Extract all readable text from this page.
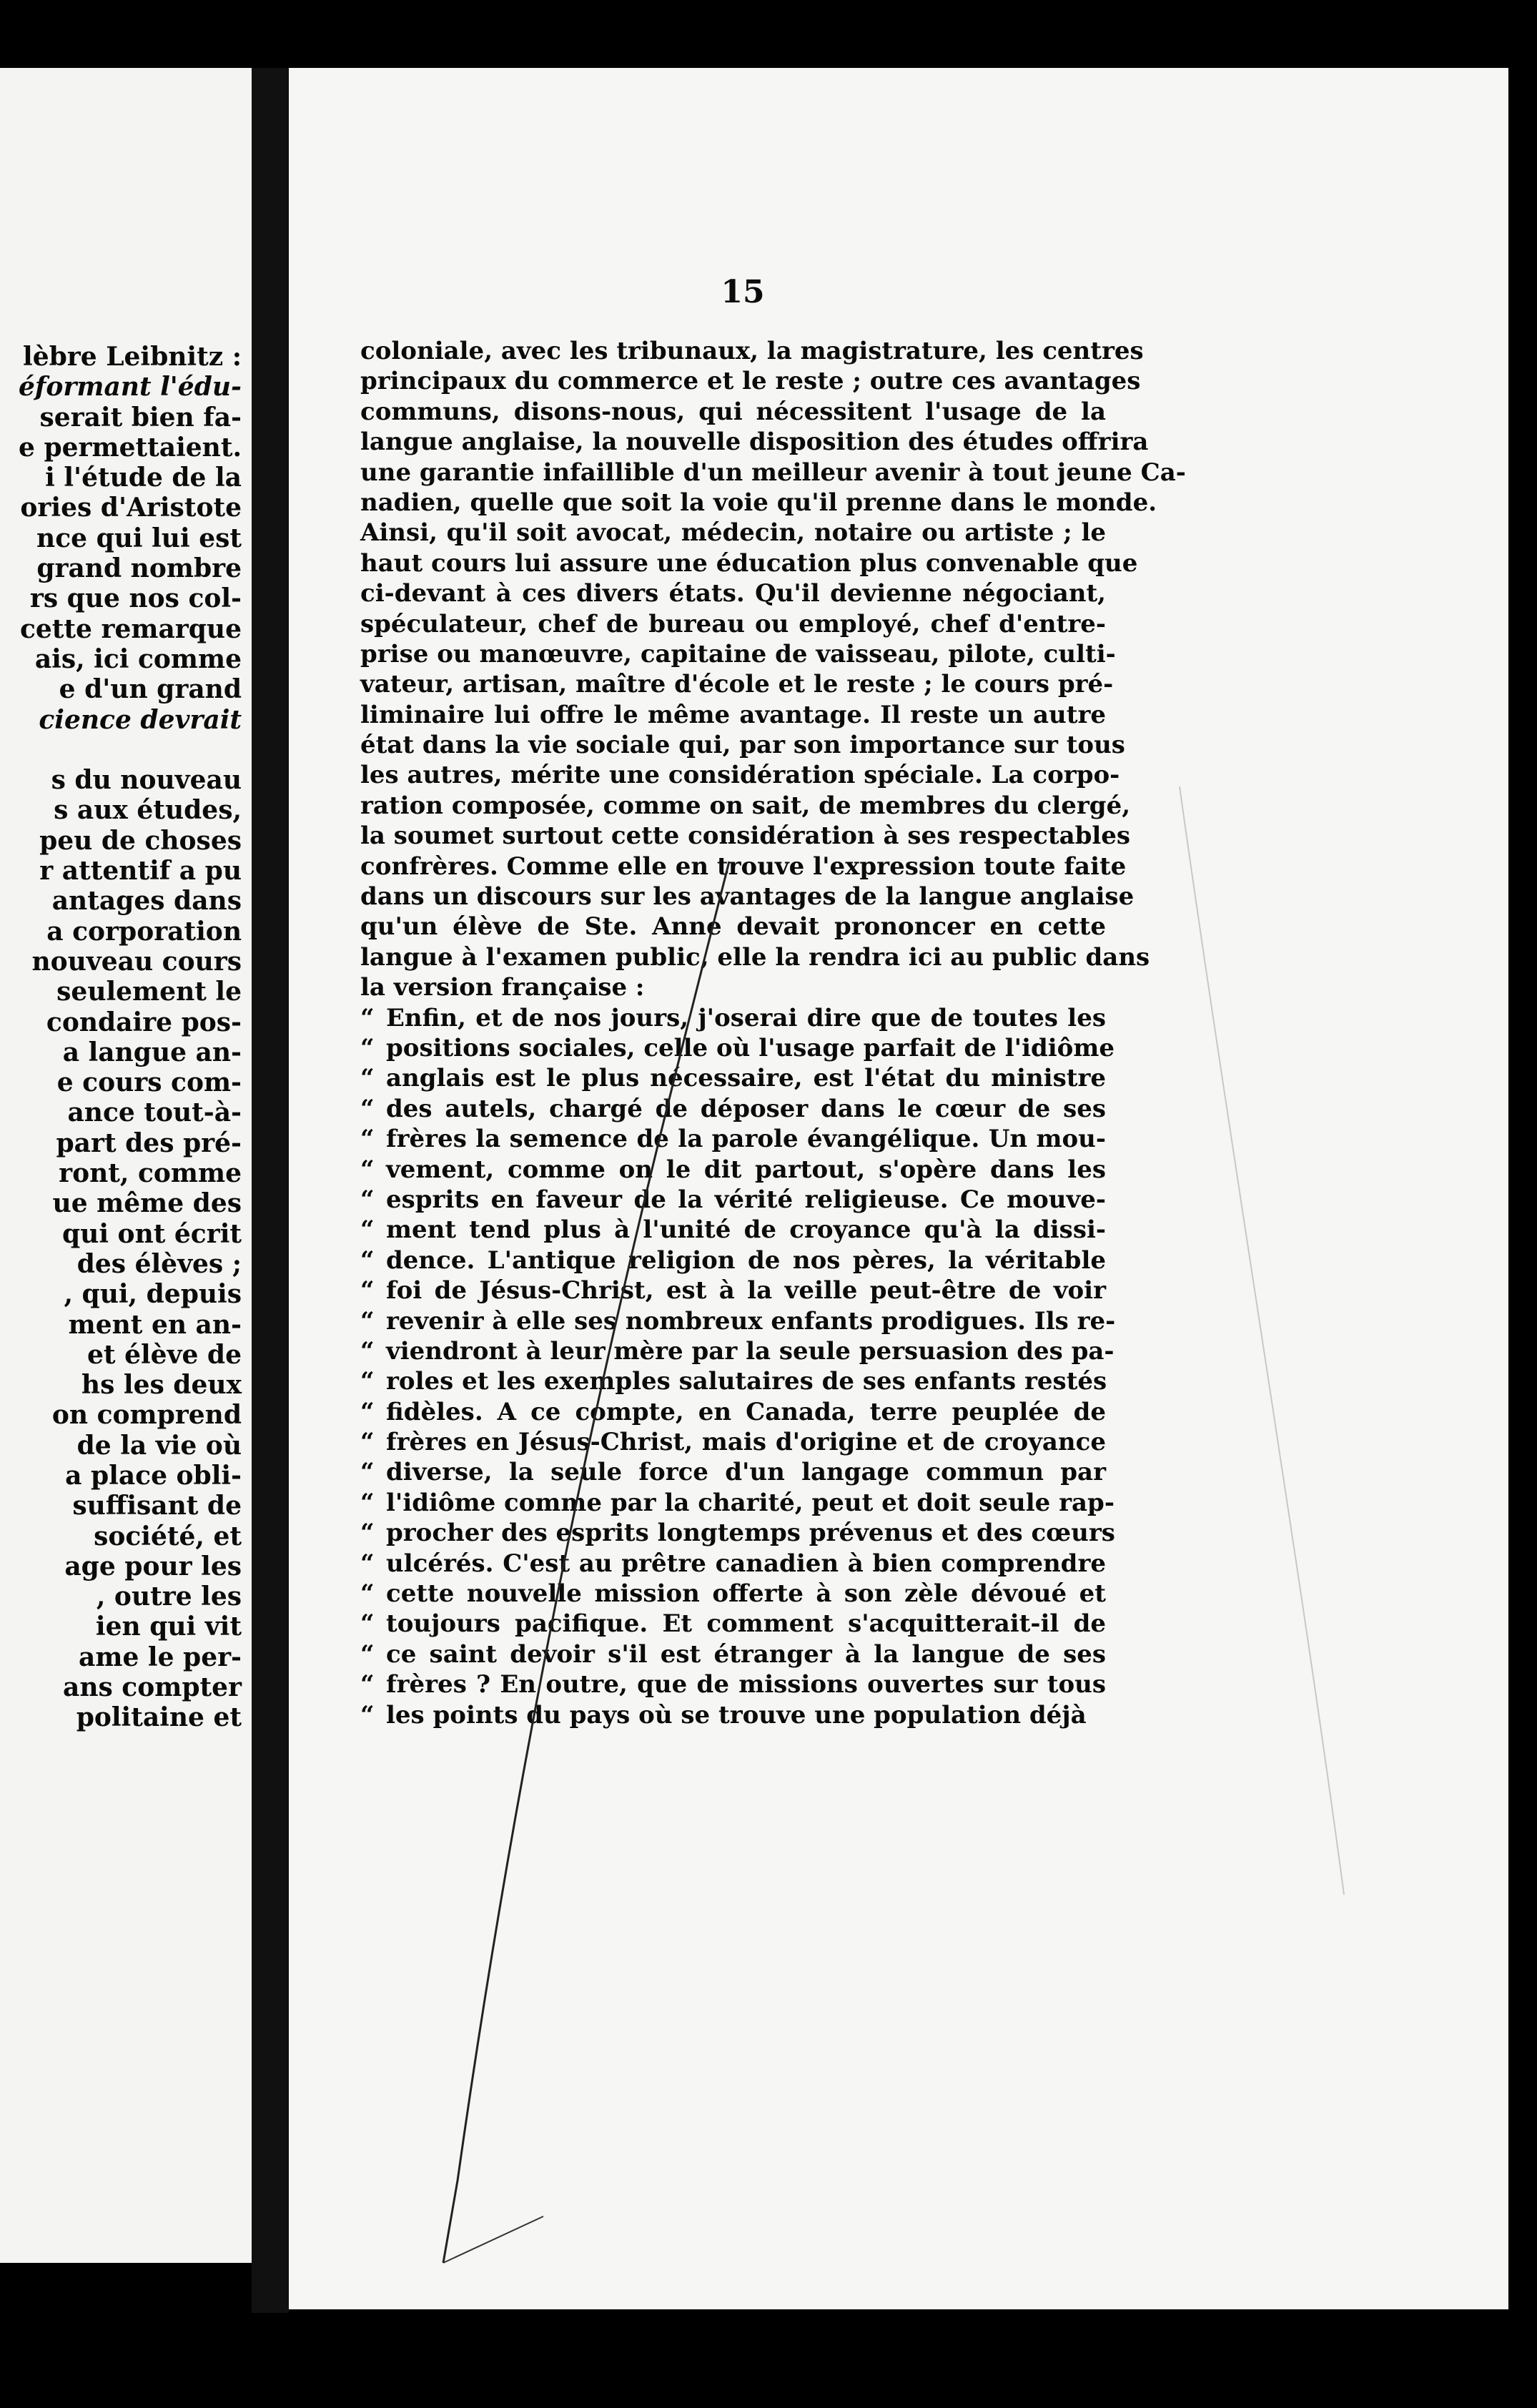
lèbre Leibnitz :
éformant l'édu-
serait bien fa-
e permettaient.
i l'étude de la
ories d'Aristote
nce qui lui est
grand nombre
rs que nos col-
cette remarque
ais, ici comme
e d'un grand
cience devrait
s du nouveau
s aux études,
peu de choses
r attentif a pu
antages dans
a corporation
nouveau cours
seulement le
condaire pos-
a langue an-
e cours com-
ance tout-à-
part des pré-
ront, comme
ue même des
qui ont écrit
des élèves ;
, qui, depuis
ment en an-
et élève de
hs les deux
on comprend
de la vie où
a place obli-
suffisant de
société, et
age pour les
, outre les
ien qui vit
ame le per-
ans compter
politaine et
15
coloniale, avec les tribunaux, la magistrature, les centres
principaux du commerce et le reste ; outre ces avantages
communs, disons-nous, qui nécessitent l'usage de la
langue anglaise, la nouvelle disposition des études offrira
une garantie infaillible d'un meilleur avenir à tout jeune Ca-
nadien, quelle que soit la voie qu'il prenne dans le monde.
Ainsi, qu'il soit avocat, médecin, notaire ou artiste ; le
haut cours lui assure une éducation plus convenable que
ci-devant à ces divers états. Qu'il devienne négociant,
spéculateur, chef de bureau ou employé, chef d'entre-
prise ou manœuvre, capitaine de vaisseau, pilote, culti-
vateur, artisan, maître d'école et le reste ; le cours pré-
liminaire lui offre le même avantage. Il reste un autre
état dans la vie sociale qui, par son importance sur tous
les autres, mérite une considération spéciale. La corpo-
ration composée, comme on sait, de membres du clergé,
la soumet surtout cette considération à ses respectables
confrères. Comme elle en trouve l'expression toute faite
dans un discours sur les avantages de la langue anglaise
qu'un élève de Ste. Anne devait prononcer en cette
langue à l'examen public, elle la rendra ici au public dans
la version française :
“ Enfin, et de nos jours, j'oserai dire que de toutes les
“ positions sociales, celle où l'usage parfait de l'idiôme
“ anglais est le plus nécessaire, est l'état du ministre
“ des autels, chargé de déposer dans le cœur de ses
“ frères la semence de la parole évangélique. Un mou-
“ vement, comme on le dit partout, s'opère dans les
“ esprits en faveur de la vérité religieuse. Ce mouve-
“ ment tend plus à l'unité de croyance qu'à la dissi-
“ dence. L'antique religion de nos pères, la véritable
“ foi de Jésus-Christ, est à la veille peut-être de voir
“ revenir à elle ses nombreux enfants prodigues. Ils re-
“ viendront à leur mère par la seule persuasion des pa-
“ roles et les exemples salutaires de ses enfants restés
“ fidèles. A ce compte, en Canada, terre peuplée de
“ frères en Jésus-Christ, mais d'origine et de croyance
“ diverse, la seule force d'un langage commun par
“ l'idiôme comme par la charité, peut et doit seule rap-
“ procher des esprits longtemps prévenus et des cœurs
“ ulcérés. C'est au prêtre canadien à bien comprendre
“ cette nouvelle mission offerte à son zèle dévoué et
“ toujours pacifique. Et comment s'acquitterait-il de
“ ce saint devoir s'il est étranger à la langue de ses
“ frères ? En outre, que de missions ouvertes sur tous
“ les points du pays où se trouve une population déjà
